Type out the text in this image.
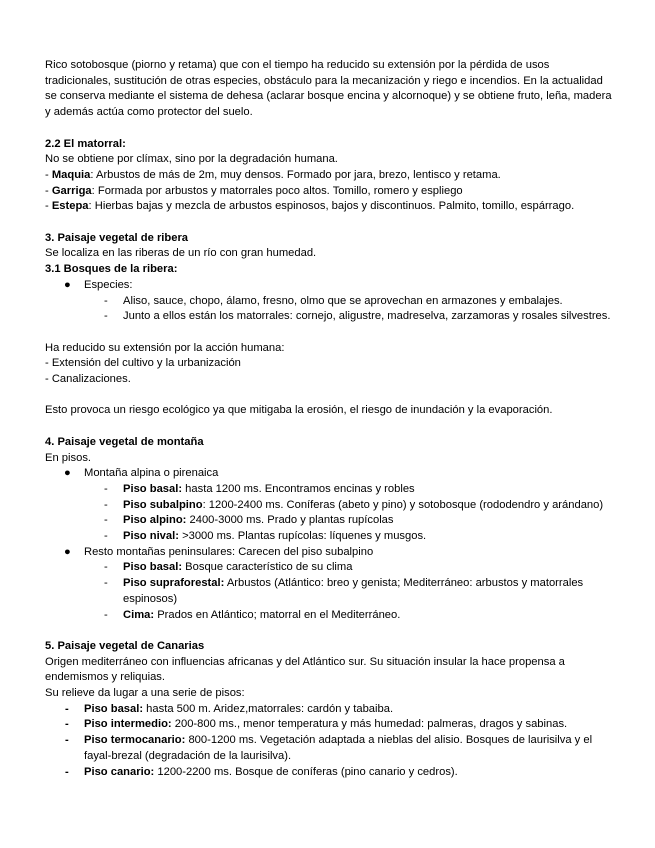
Rico sotobosque (piorno y retama) que con el tiempo ha reducido su extensión por la pérdida de usos tradicionales, sustitución de otras especies, obstáculo para la mecanización y riego e incendios. En la actualidad se conserva mediante el sistema de dehesa (aclarar bosque encina y alcornoque) y se obtiene fruto, leña, madera y además actúa como protector del suelo.

2.2 El matorral:

No se obtiene por clímax, sino por la degradación humana.

- Maquia: Arbustos de más de 2m, muy densos. Formado por jara, brezo, lentisco y retama.

- Garriga: Formada por arbustos y matorrales poco altos. Tomillo, romero y espliego

- Estepa: Hierbas bajas y mezcla de arbustos espinosos, bajos y discontinuos. Palmito, tomillo, espárrago.

3. Paisaje vegetal de ribera

Se localiza en las riberas de un río con gran humedad.

3.1 Bosques de la ribera:

● Especies:
- Aliso, sauce, chopo, álamo, fresno, olmo que se aprovechan en armazones y embalajes.
- Junto a ellos están los matorrales: cornejo, aligustre, madreselva, zarzamoras y rosales silvestres.

Ha reducido su extensión por la acción humana:

- Extensión del cultivo y la urbanización

- Canalizaciones.

Esto provoca un riesgo ecológico ya que mitigaba la erosión, el riesgo de inundación y la evaporación.

4. Paisaje vegetal de montaña

En pisos.

● Montaña alpina o pirenaica
- Piso basal: hasta 1200 ms. Encontramos encinas y robles
- Piso subalpino: 1200-2400 ms. Coníferas (abeto y pino) y sotobosque (rododendro y arándano)
- Piso alpino: 2400-3000 ms. Prado y plantas rupícolas
- Piso nival: >3000 ms. Plantas rupícolas: líquenes y musgos.
● Resto montañas peninsulares: Carecen del piso subalpino
- Piso basal: Bosque característico de su clima
- Piso supraforestal: Arbustos (Atlántico: breo y genista; Mediterráneo: arbustos y matorrales espinosos)
- Cima: Prados en Atlántico; matorral en el Mediterráneo.

5. Paisaje vegetal de Canarias

Origen mediterráneo con influencias africanas y del Atlántico sur. Su situación insular la hace propensa a endemismos y reliquias.

Su relieve da lugar a una serie de pisos:

- Piso basal: hasta 500 m. Aridez,matorrales: cardón y tabaiba.
- Piso intermedio: 200-800 ms., menor temperatura y más humedad: palmeras, dragos y sabinas.
- Piso termocanario: 800-1200 ms. Vegetación adaptada a nieblas del alisio. Bosques de laurisilva y el fayal-brezal (degradación de la laurisilva).
- Piso canario: 1200-2200 ms. Bosque de coníferas (pino canario y cedros).
